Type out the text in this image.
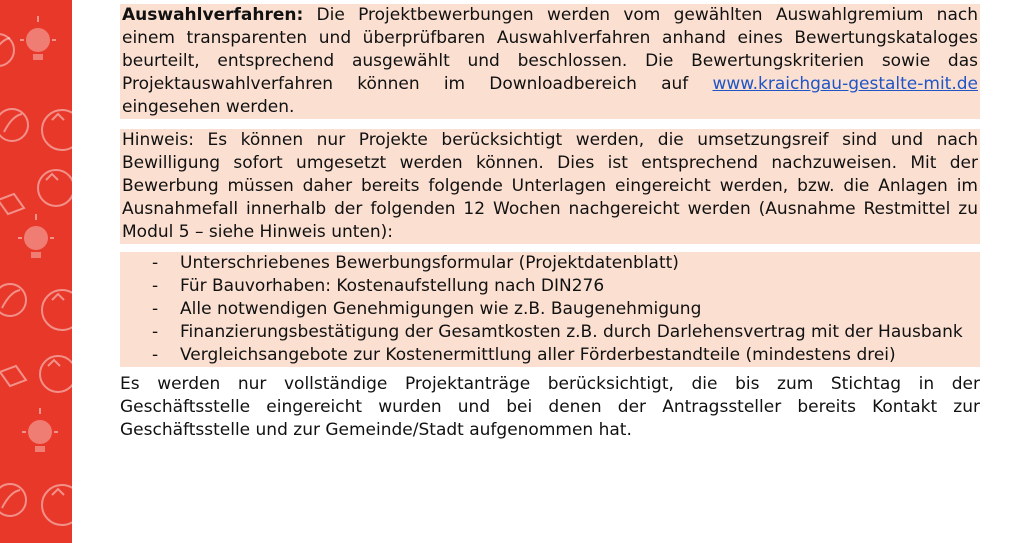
Auswahlverfahren: Die Projektbewerbungen werden vom gewählten Auswahlgremium nach einem transparenten und überprüfbaren Auswahlverfahren anhand eines Bewertungskataloges beurteilt, entsprechend ausgewählt und beschlossen. Die Bewertungskriterien sowie das Projektauswahlverfahren können im Downloadbereich auf www.kraichgau-gestalte-mit.de eingesehen werden.

Hinweis: Es können nur Projekte berücksichtigt werden, die umsetzungsreif sind und nach Bewilligung sofort umgesetzt werden können. Dies ist entsprechend nachzuweisen. Mit der Bewerbung müssen daher bereits folgende Unterlagen eingereicht werden, bzw. die Anlagen im Ausnahmefall innerhalb der folgenden 12 Wochen nachgereicht werden (Ausnahme Restmittel zu Modul 5 – siehe Hinweis unten):

- Unterschriebenes Bewerbungsformular (Projektdatenblatt)
- Für Bauvorhaben: Kostenaufstellung nach DIN276
- Alle notwendigen Genehmigungen wie z.B. Baugenehmigung
- Finanzierungsbestätigung der Gesamtkosten z.B. durch Darlehensvertrag mit der Hausbank
- Vergleichsangebote zur Kostenermittlung aller Förderbestandteile (mindestens drei)

Es werden nur vollständige Projektanträge berücksichtigt, die bis zum Stichtag in der Geschäftsstelle eingereicht wurden und bei denen der Antragssteller bereits Kontakt zur Geschäftsstelle und zur Gemeinde/Stadt aufgenommen hat.
